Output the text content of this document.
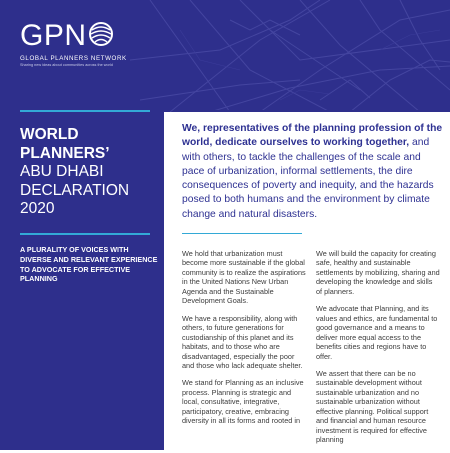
GPN
GLOBAL PLANNERS NETWORK
Sharing new ideas about communities across the world
WORLD
PLANNERS’
ABU DHABI
DECLARATION
2020
A PLURALITY OF VOICES WITH DIVERSE AND RELEVANT EXPERIENCE TO ADVOCATE FOR EFFECTIVE PLANNING
We, representatives of the planning profession of the world, dedicate ourselves to working together, and with others, to tackle the challenges of the scale and pace of urbanization, informal settlements, the dire consequences of poverty and inequity, and the hazards posed to both humans and the environment by climate change and natural disasters.

We hold that urbanization must become more sustainable if the global community is to realize the aspirations in the United Nations New Urban Agenda and the Sustainable Development Goals.

We have a responsibility, along with others, to future generations for custodianship of this planet and its habitats, and to those who are disadvantaged, especially the poor and those who lack adequate shelter.

We stand for Planning as an inclusive process. Planning is strategic and local, consultative, integrative, participatory, creative, embracing diversity in all its forms and rooted in

We will build the capacity for creating safe, healthy and sustainable settlements by mobilizing, sharing and developing the knowledge and skills of planners.

We advocate that Planning, and its values and ethics, are fundamental to good governance and a means to deliver more equal access to the benefits cities and regions have to offer.

We assert that there can be no sustainable development without sustainable urbanization and no sustainable urbanization without effective planning. Political support and financial and human resource investment is required for effective planning
